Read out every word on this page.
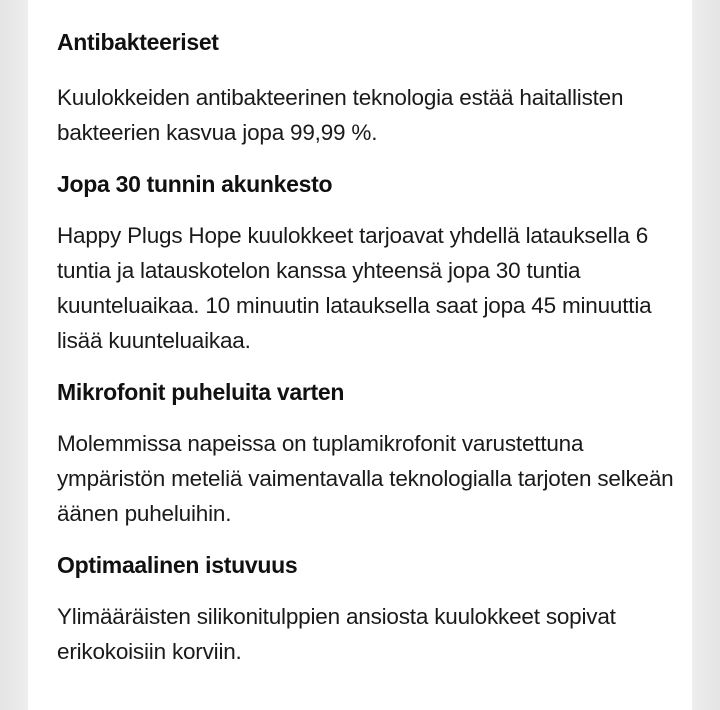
Antibakteeriset

Kuulokkeiden antibakteerinen teknologia estää haitallisten bakteerien kasvua jopa 99,99 %.

Jopa 30 tunnin akunkesto

Happy Plugs Hope kuulokkeet tarjoavat yhdellä latauksella 6 tuntia ja latauskotelon kanssa yhteensä jopa 30 tuntia kuunteluaikaa. 10 minuutin latauksella saat jopa 45 minuuttia lisää kuunteluaikaa.

Mikrofonit puheluita varten

Molemmissa napeissa on tuplamikrofonit varustettuna ympäristön meteliä vaimentavalla teknologialla tarjoten selkeän äänen puheluihin.

Optimaalinen istuvuus

Ylimääräisten silikonitulppien ansiosta kuulokkeet sopivat erikokoisiin korviin.
